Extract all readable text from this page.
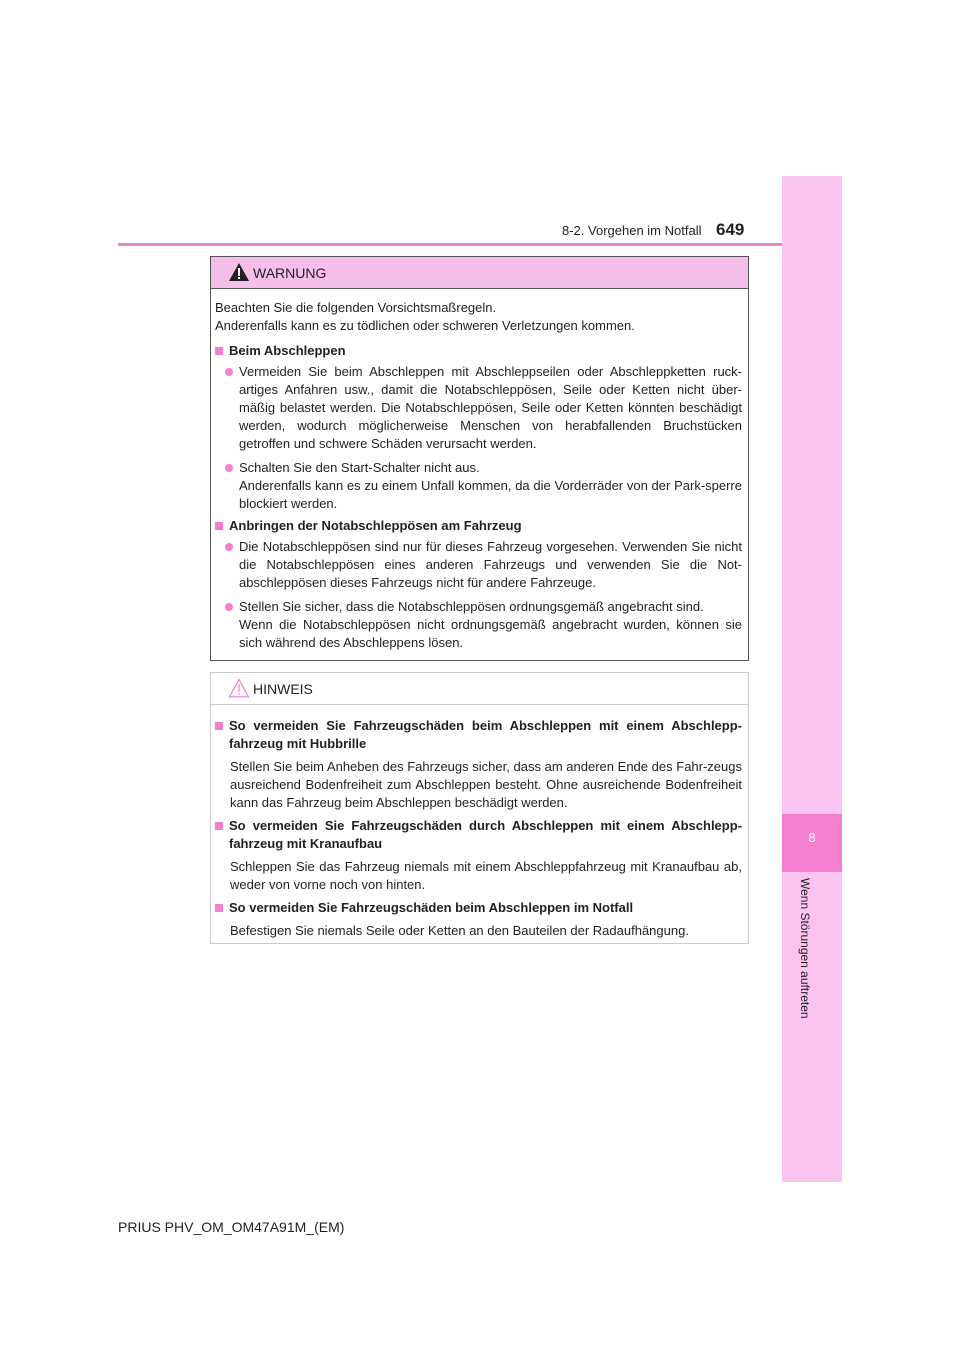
8-2. Vorgehen im Notfall 649
8
Wenn Störungen auftreten
WARNUNG

Beachten Sie die folgenden Vorsichtsmaßregeln.

Anderenfalls kann es zu tödlichen oder schweren Verletzungen kommen.

Beim Abschleppen
Vermeiden Sie beim Abschleppen mit Abschleppseilen oder Abschleppketten ruck-artiges Anfahren usw., damit die Notabschleppösen, Seile oder Ketten nicht über-mäßig belastet werden. Die Notabschleppösen, Seile oder Ketten könnten beschädigt werden, wodurch möglicherweise Menschen von herabfallenden Bruchstücken getroffen und schwere Schäden verursacht werden.
Schalten Sie den Start-Schalter nicht aus.
Anderenfalls kann es zu einem Unfall kommen, da die Vorderräder von der Park-sperre blockiert werden.
Anbringen der Notabschleppösen am Fahrzeug
Die Notabschleppösen sind nur für dieses Fahrzeug vorgesehen. Verwenden Sie nicht die Notabschleppösen eines anderen Fahrzeugs und verwenden Sie die Not-abschleppösen dieses Fahrzeugs nicht für andere Fahrzeuge.
Stellen Sie sicher, dass die Notabschleppösen ordnungsgemäß angebracht sind.
Wenn die Notabschleppösen nicht ordnungsgemäß angebracht wurden, können sie sich während des Abschleppens lösen.
HINWEIS
So vermeiden Sie Fahrzeugschäden beim Abschleppen mit einem Abschlepp-fahrzeug mit Hubbrille

Stellen Sie beim Anheben des Fahrzeugs sicher, dass am anderen Ende des Fahr-zeugs ausreichend Bodenfreiheit zum Abschleppen besteht. Ohne ausreichende Bodenfreiheit kann das Fahrzeug beim Abschleppen beschädigt werden.

So vermeiden Sie Fahrzeugschäden durch Abschleppen mit einem Abschlepp-fahrzeug mit Kranaufbau

Schleppen Sie das Fahrzeug niemals mit einem Abschleppfahrzeug mit Kranaufbau ab, weder von vorne noch von hinten.

So vermeiden Sie Fahrzeugschäden beim Abschleppen im Notfall

Befestigen Sie niemals Seile oder Ketten an den Bauteilen der Radaufhängung.

PRIUS PHV_OM_OM47A91M_(EM)
